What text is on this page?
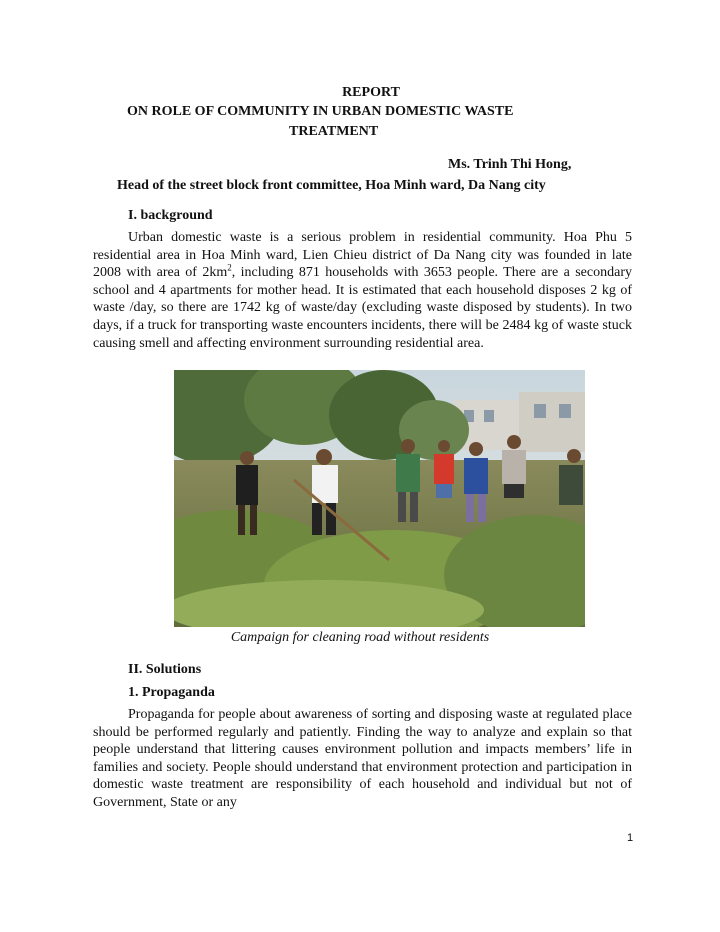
REPORT
ON ROLE OF COMMUNITY IN URBAN DOMESTIC WASTE
TREATMENT
Ms. Trinh Thi Hong,
Head of the street block front committee, Hoa Minh ward, Da Nang city
I. background

Urban domestic waste is a serious problem in residential community. Hoa Phu 5 residential area in Hoa Minh ward, Lien Chieu district of Da Nang city was founded in late 2008 with area of $2km^2$, including 871 households with 3653 people. There are a secondary school and 4 apartments for mother head. It is estimated that each household disposes 2 kg of waste /day, so there are 1742 kg of waste/day (excluding waste disposed by students). In two days, if a truck for transporting waste encounters incidents, there will be 2484 kg of waste stuck causing smell and affecting environment surrounding residential area.

Campaign for cleaning road without residents
II. Solutions
1. Propaganda

Propaganda for people about awareness of sorting and disposing waste at regulated place should be performed regularly and patiently. Finding the way to analyze and explain so that people understand that littering causes environment pollution and impacts members’ life in families and society. People should understand that environment protection and participation in domestic waste treatment are responsibility of each household and individual but not of Government, State or any

1
